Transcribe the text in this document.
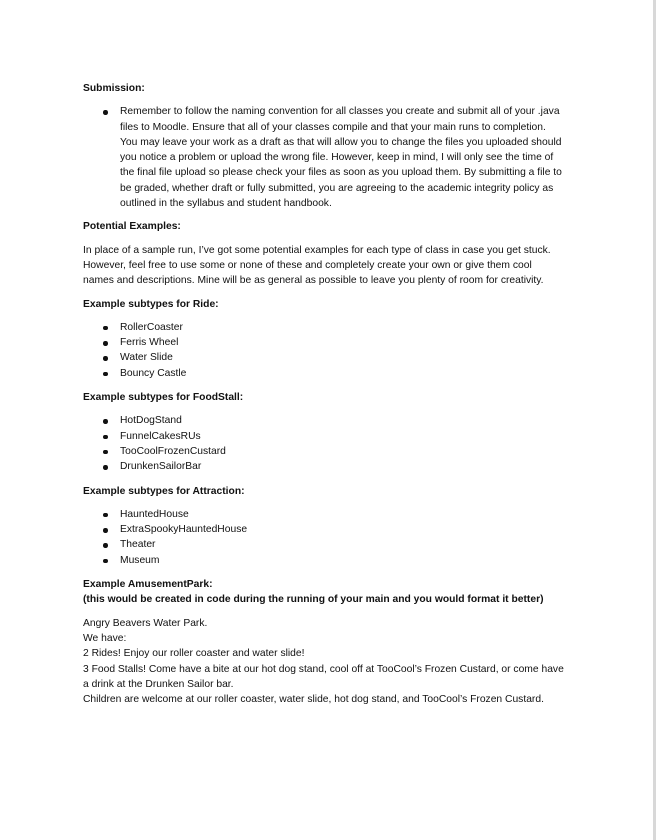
Submission:

Remember to follow the naming convention for all classes you create and submit all of your .java
files to Moodle. Ensure that all of your classes compile and that your main runs to completion.
You may leave your work as a draft as that will allow you to change the files you uploaded should
you notice a problem or upload the wrong file. However, keep in mind, I will only see the time of
the final file upload so please check your files as soon as you upload them. By submitting a file to
be graded, whether draft or fully submitted, you are agreeing to the academic integrity policy as
outlined in the syllabus and student handbook.

Potential Examples:

In place of a sample run, I’ve got some potential examples for each type of class in case you get stuck.
However, feel free to use some or none of these and completely create your own or give them cool
names and descriptions. Mine will be as general as possible to leave you plenty of room for creativity.

Example subtypes for Ride:

RollerCoaster
Ferris Wheel
Water Slide
Bouncy Castle

Example subtypes for FoodStall:

HotDogStand
FunnelCakesRUs
TooCoolFrozenCustard
DrunkenSailorBar

Example subtypes for Attraction:

HauntedHouse
ExtraSpookyHauntedHouse
Theater
Museum

Example AmusementPark:

(this would be created in code during the running of your main and you would format it better)

Angry Beavers Water Park.
We have:
2 Rides! Enjoy our roller coaster and water slide!
3 Food Stalls! Come have a bite at our hot dog stand, cool off at TooCool’s Frozen Custard, or come have
a drink at the Drunken Sailor bar.
Children are welcome at our roller coaster, water slide, hot dog stand, and TooCool’s Frozen Custard.
